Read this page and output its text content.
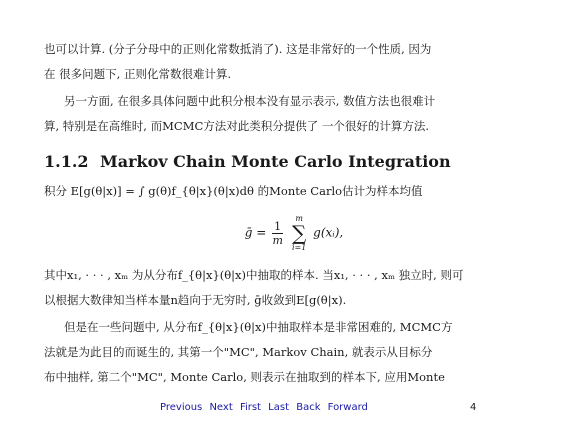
也可以计算. (分子分母中的正则化常数抵消了). 这是非常好的一个性质, 因为
在 很多问题下, 正则化常数很难计算.
另一方面, 在很多具体问题中此积分根本没有显示表示, 数值方法也很难计
算, 特别是在高维时, 而MCMC方法对此类积分提供了 一个很好的计算方法.
1.1.2 Markov Chain Monte Carlo Integration
积分 E[g(θ|x)] = ∫ g(θ)f_{θ|x}(θ|x)dθ 的Monte Carlo估计为样本均值
ḡ = $\frac{1}{m}$

m
∑
i=1
g(xᵢ),
其中x₁, · · · , xₘ 为从分布f_{θ|x}(θ|x)中抽取的样本. 当x₁, · · · , xₘ 独立时, 则可
以根据大数律知当样本量n趋向于无穷时, ḡ收敛到E[g(θ|x).
但是在一些问题中, 从分布f_{θ|x}(θ|x)中抽取样本是非常困难的, MCMC方
法就是为此目的而诞生的, 其第一个"MC", Markov Chain, 就表示从目标分
布中抽样, 第二个"MC", Monte Carlo, 则表示在抽取到的样本下, 应用Monte
Previous Next First Last Back Forward	4
